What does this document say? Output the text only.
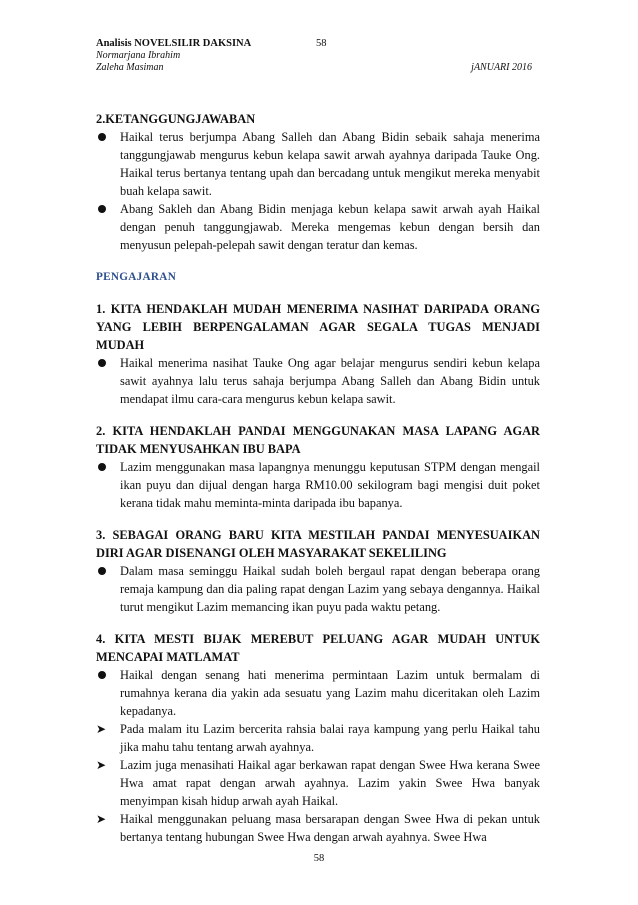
Analisis NOVELSILIR DAKSINA	58
Normarjana Ibrahim
Zaleha Masiman	jANUARI 2016
2.KETANGGUNGJAWABAN
Haikal terus berjumpa Abang Salleh dan Abang Bidin sebaik sahaja menerima tanggungjawab mengurus kebun kelapa sawit arwah ayahnya daripada Tauke Ong. Haikal terus bertanya tentang upah dan bercadang untuk mengikut mereka menyabit buah kelapa sawit.
Abang Sakleh dan Abang Bidin menjaga kebun kelapa sawit arwah ayah Haikal dengan penuh tanggungjawab. Mereka mengemas kebun dengan bersih dan menyusun pelepah-pelepah sawit dengan teratur dan kemas.
PENGAJARAN
1. KITA HENDAKLAH MUDAH MENERIMA NASIHAT DARIPADA ORANG YANG LEBIH BERPENGALAMAN AGAR SEGALA TUGAS MENJADI MUDAH
Haikal menerima nasihat Tauke Ong agar belajar mengurus sendiri kebun kelapa sawit ayahnya lalu terus sahaja berjumpa Abang Salleh dan Abang Bidin untuk mendapat ilmu cara-cara mengurus kebun kelapa sawit.
2. KITA HENDAKLAH PANDAI MENGGUNAKAN MASA LAPANG AGAR TIDAK MENYUSAHKAN IBU BAPA
Lazim menggunakan masa lapangnya menunggu keputusan STPM dengan mengail ikan puyu dan dijual dengan harga RM10.00 sekilogram bagi mengisi duit poket kerana tidak mahu meminta-minta daripada ibu bapanya.
3. SEBAGAI ORANG BARU KITA MESTILAH PANDAI MENYESUAIKAN DIRI AGAR DISENANGI OLEH MASYARAKAT SEKELILING
Dalam masa seminggu Haikal sudah boleh bergaul rapat dengan beberapa orang remaja kampung dan dia paling rapat dengan Lazim yang sebaya dengannya. Haikal turut mengikut Lazim memancing ikan puyu pada waktu petang.
4. KITA MESTI BIJAK MEREBUT PELUANG AGAR MUDAH UNTUK MENCAPAI MATLAMAT
Haikal dengan senang hati menerima permintaan Lazim untuk bermalam di rumahnya kerana dia yakin ada sesuatu yang Lazim mahu diceritakan oleh Lazim kepadanya.
➤ Pada malam itu Lazim bercerita rahsia balai raya kampung yang perlu Haikal tahu jika mahu tahu tentang arwah ayahnya.
➤ Lazim juga menasihati Haikal agar berkawan rapat dengan Swee Hwa kerana Swee Hwa amat rapat dengan arwah ayahnya. Lazim yakin Swee Hwa banyak menyimpan kisah hidup arwah ayah Haikal.
➤ Haikal menggunakan peluang masa bersarapan dengan Swee Hwa di pekan untuk bertanya tentang hubungan Swee Hwa dengan arwah ayahnya. Swee Hwa
58
